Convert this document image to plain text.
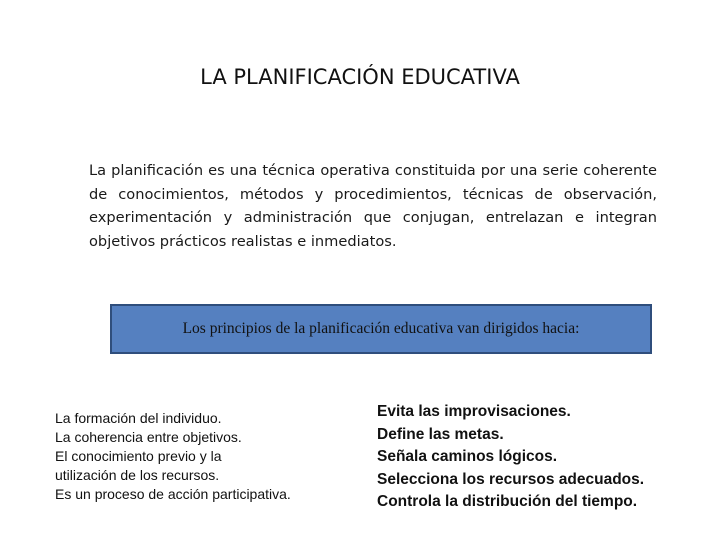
LA PLANIFICACIÓN EDUCATIVA
La planificación es una técnica operativa constituida por una serie coherente de conocimientos, métodos y procedimientos, técnicas de observación, experimentación y administración que conjugan, entrelazan e integran objetivos prácticos realistas e inmediatos.
Los principios de la planificación educativa van dirigidos hacia:
La formación del individuo.
La coherencia entre objetivos.
El conocimiento previo y la
utilización de los recursos.
Es un proceso de acción participativa.
Evita las improvisaciones.
Define las metas.
Señala caminos lógicos.
Selecciona los recursos adecuados.
Controla la distribución del tiempo.
